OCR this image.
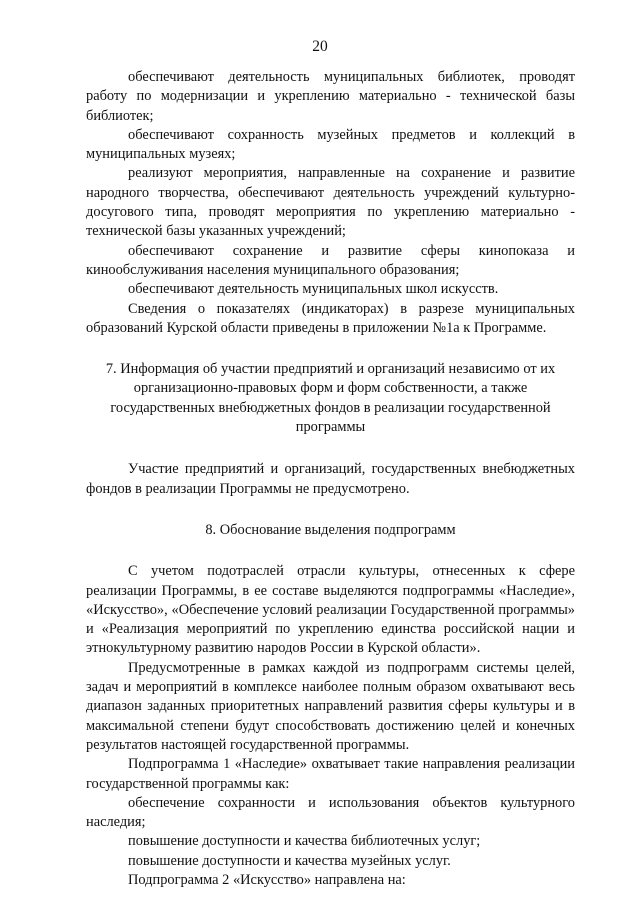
20

обеспечивают деятельность муниципальных библиотек, проводят работу по модернизации и укреплению материально - технической базы библиотек;

обеспечивают сохранность музейных предметов и коллекций в муниципальных музеях;

реализуют мероприятия, направленные на сохранение и развитие народного творчества, обеспечивают деятельность учреждений культурно-досугового типа, проводят мероприятия по укреплению материально - технической базы указанных учреждений;

обеспечивают сохранение и развитие сферы кинопоказа и кинообслуживания населения муниципального образования;

обеспечивают деятельность муниципальных школ искусств.

Сведения о показателях (индикаторах) в разрезе муниципальных образований Курской области приведены в приложении №1а к Программе.

7. Информация об участии предприятий и организаций независимо от их организационно-правовых форм и форм собственности, а также государственных внебюджетных фондов в реализации государственной программы

Участие предприятий и организаций, государственных внебюджетных фондов в реализации Программы не предусмотрено.

8. Обоснование выделения подпрограмм

С учетом подотраслей отрасли культуры, отнесенных к сфере реализации Программы, в ее составе выделяются подпрограммы «Наследие», «Искусство», «Обеспечение условий реализации Государственной программы» и «Реализация мероприятий по укреплению единства российской нации и этнокультурному развитию народов России в Курской области».

Предусмотренные в рамках каждой из подпрограмм системы целей, задач и мероприятий в комплексе наиболее полным образом охватывают весь диапазон заданных приоритетных направлений развития сферы культуры и в максимальной степени будут способствовать достижению целей и конечных результатов настоящей государственной программы.

Подпрограмма 1 «Наследие» охватывает такие направления реализации государственной программы как:

обеспечение сохранности и использования объектов культурного наследия;

повышение доступности и качества библиотечных услуг;

повышение доступности и качества музейных услуг.

Подпрограмма 2 «Искусство» направлена на:
